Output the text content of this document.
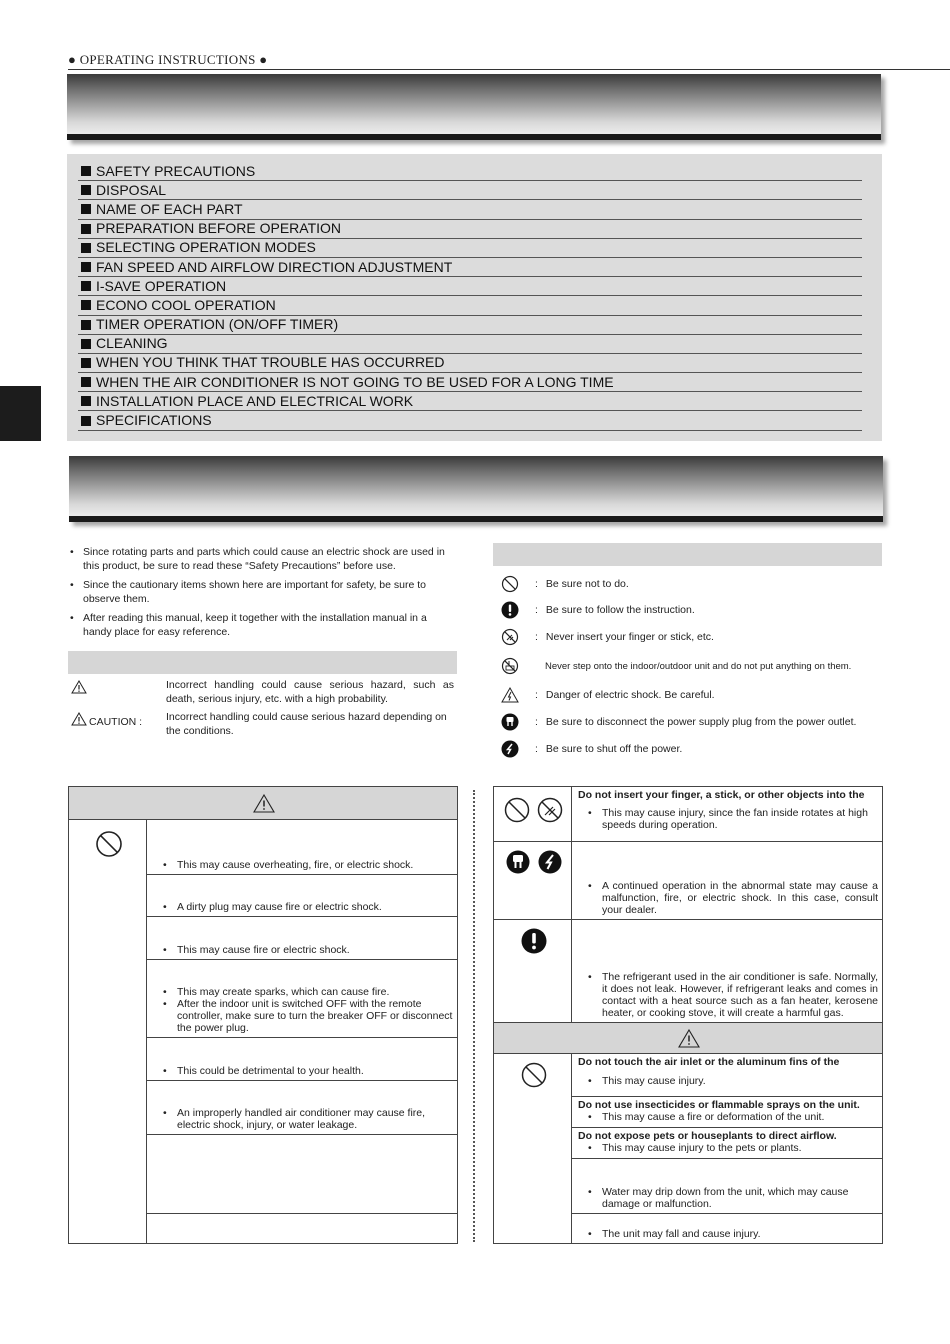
● OPERATING INSTRUCTIONS ●
SAFETY PRECAUTIONS
DISPOSAL
NAME OF EACH PART
PREPARATION BEFORE OPERATION
SELECTING OPERATION MODES
FAN SPEED AND AIRFLOW DIRECTION ADJUSTMENT
I-SAVE OPERATION
ECONO COOL OPERATION
TIMER OPERATION (ON/OFF TIMER)
CLEANING
WHEN YOU THINK THAT TROUBLE HAS OCCURRED
WHEN THE AIR CONDITIONER IS NOT GOING TO BE USED FOR A LONG TIME
INSTALLATION PLACE AND ELECTRICAL WORK
SPECIFICATIONS
• Since rotating parts and parts which could cause an electric shock are used in this product, be sure to read these “Safety Precautions” before use.
• Since the cautionary items shown here are important for safety, be sure to observe them.
• After reading this manual, keep it together with the installation manual in a handy place for easy reference.
Incorrect handling could cause serious hazard, such as death, serious injury, etc. with a high probability.
CAUTION : Incorrect handling could cause serious hazard depending on the conditions.
: Be sure not to do.
: Be sure to follow the instruction.
: Never insert your finger or stick, etc.
Never step onto the indoor/outdoor unit and do not put anything on them.
: Danger of electric shock. Be careful.
: Be sure to disconnect the power supply plug from the power outlet.
: Be sure to shut off the power.

• This may cause overheating, fire, or electric shock.

• A dirty plug may cause fire or electric shock.

• This may cause fire or electric shock.

• This may create sparks, which can cause fire.
• After the indoor unit is switched OFF with the remote controller, make sure to turn the breaker OFF or disconnect the power plug.

• This could be detrimental to your health.

• An improperly handled air conditioner may cause fire, electric shock, injury, or water leakage.

Do not insert your finger, a stick, or other objects into the
• This may cause injury, since the fan inside rotates at high speeds during operation.

• A continued operation in the abnormal state may cause a malfunction, fire, or electric shock. In this case, consult your dealer.

• The refrigerant used in the air conditioner is safe. Normally, it does not leak. However, if refrigerant leaks and comes in contact with a heat source such as a fan heater, kerosene heater, or cooking stove, it will create a harmful gas.

Do not touch the air inlet or the aluminum fins of the
• This may cause injury.

	Do not use insecticides or flammable sprays on the unit.
• This may cause a fire or deformation of the unit.

	Do not expose pets or houseplants to direct airflow.
• This may cause injury to the pets or plants.

	• Water may drip down from the unit, which may cause damage or malfunction.

	• The unit may fall and cause injury.
